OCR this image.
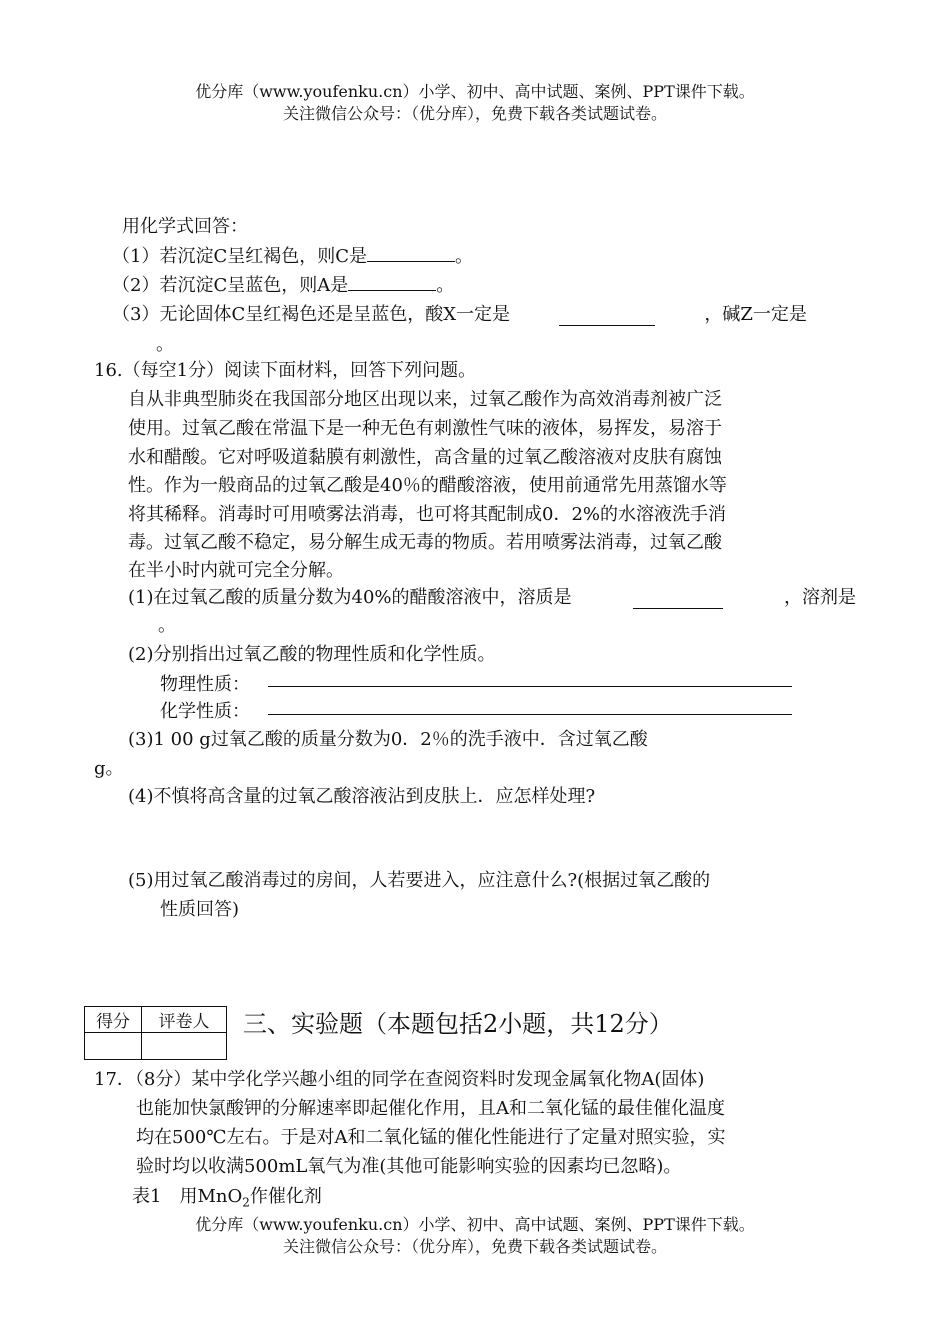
优分库（www.youfenku.cn）小学、初中、高中试题、案例、PPT课件下载。
关注微信公众号：（优分库），免费下载各类试题试卷。
用化学式回答：
（1）若沉淀C呈红褐色，则C是	。
（2）若沉淀C呈蓝色，则A是	。
（3）无论固体C呈红褐色还是呈蓝色，酸X一定是	，碱Z一定是
。
16.（每空1分）阅读下面材料，回答下列问题。
自从非典型肺炎在我国部分地区出现以来，过氧乙酸作为高效消毒剂被广泛
使用。过氧乙酸在常温下是一种无色有刺激性气味的液体，易挥发，易溶于
水和醋酸。它对呼吸道黏膜有刺激性，高含量的过氧乙酸溶液对皮肤有腐蚀
性。作为一般商品的过氧乙酸是40％的醋酸溶液，使用前通常先用蒸馏水等
将其稀释。消毒时可用喷雾法消毒，也可将其配制成0．2%的水溶液洗手消
毒。过氧乙酸不稳定，易分解生成无毒的物质。若用喷雾法消毒，过氧乙酸
在半小时内就可完全分解。
(1)在过氧乙酸的质量分数为40%的醋酸溶液中，溶质是	，溶剂是
。
(2)分别指出过氧乙酸的物理性质和化学性质。
物理性质：
化学性质：
(3)1 00 g过氧乙酸的质量分数为0．2％的洗手液中．含过氧乙酸
g。
(4)不慎将高含量的过氧乙酸溶液沾到皮肤上．应怎样处理?
(5)用过氧乙酸消毒过的房间，人若要进入，应注意什么?(根据过氧乙酸的
性质回答)
得分	评卷人
	三、实验题（本题包括2小题，共12分）
17．（8分）某中学化学兴趣小组的同学在查阅资料时发现金属氧化物A(固体)
也能加快氯酸钾的分解速率即起催化作用，且A和二氧化锰的最佳催化温度
均在500℃左右。于是对A和二氧化锰的催化性能进行了定量对照实验，实
验时均以收满500mL氧气为准(其他可能影响实验的因素均已忽略)。
表1　用MnO$_2$作催化剂
优分库（www.youfenku.cn）小学、初中、高中试题、案例、PPT课件下载。
关注微信公众号：（优分库），免费下载各类试题试卷。
